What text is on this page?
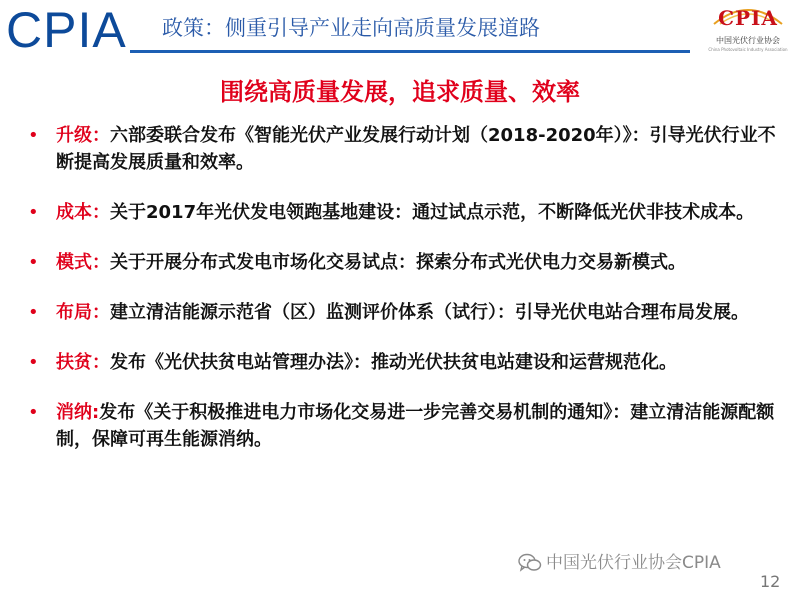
CPIA 政策：侧重引导产业走向高质量发展道路	CPIA
中国光伏行业协会
China Photovoltaic Industry Association
围绕高质量发展，追求质量、效率
• 升级：六部委联合发布《智能光伏产业发展行动计划（2018-2020年）》：引导光伏行业不断提高发展质量和效率。
• 成本：关于2017年光伏发电领跑基地建设：通过试点示范，不断降低光伏非技术成本。
• 模式：关于开展分布式发电市场化交易试点：探索分布式光伏电力交易新模式。
• 布局：建立清洁能源示范省（区）监测评价体系（试行）：引导光伏电站合理布局发展。
• 扶贫：发布《光伏扶贫电站管理办法》：推动光伏扶贫电站建设和运营规范化。
• 消纳:发布《关于积极推进电力市场化交易进一步完善交易机制的通知》：建立清洁能源配额制，保障可再生能源消纳。
中国光伏行业协会CPIA
12
